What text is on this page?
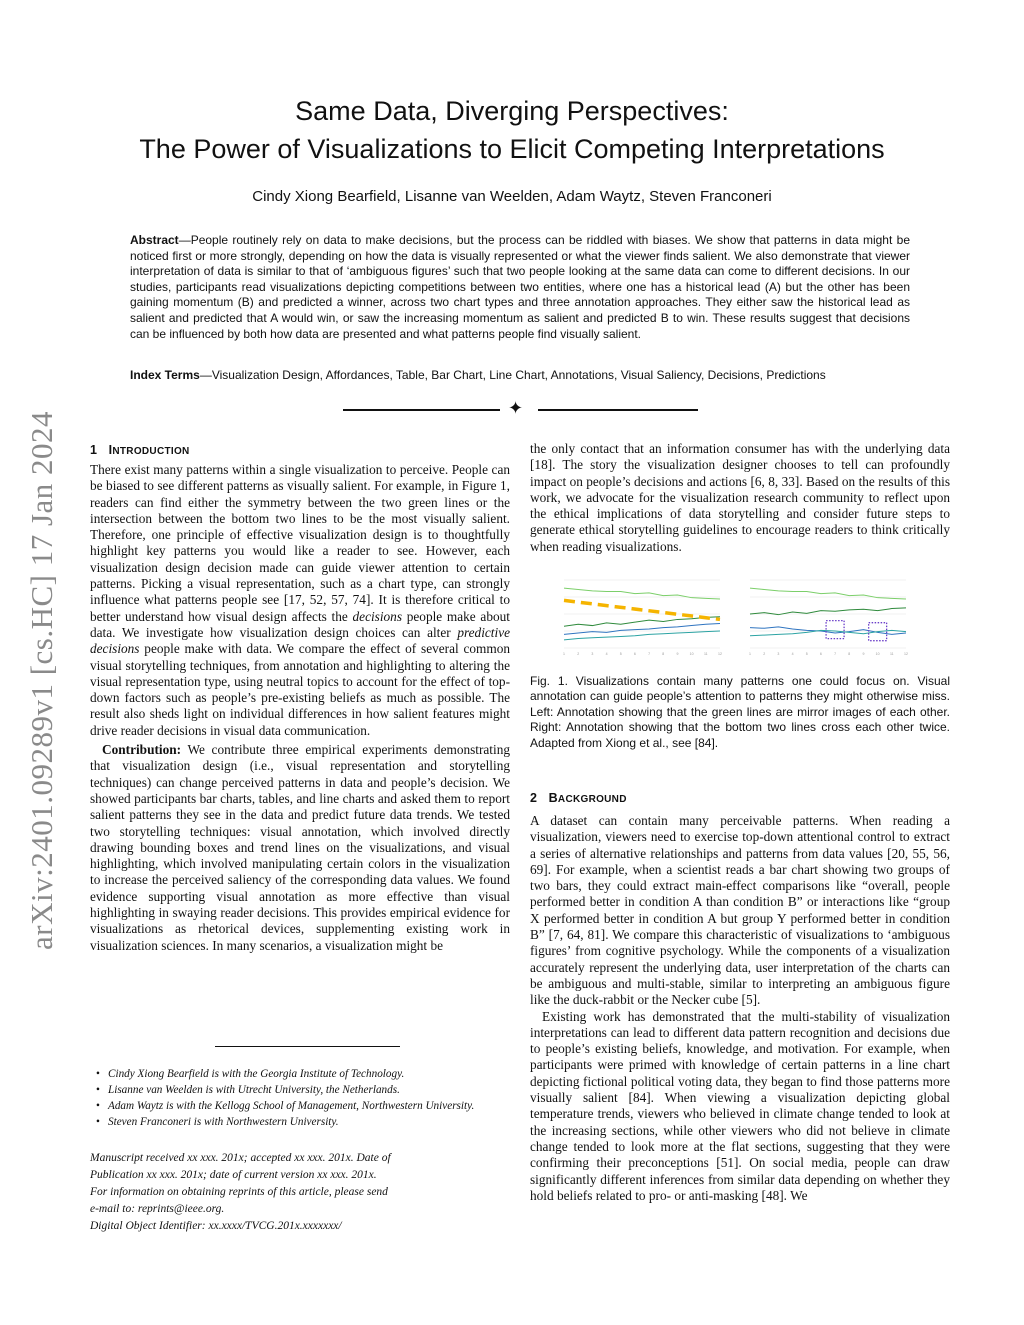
arXiv:2401.09289v1 [cs.HC] 17 Jan 2024
Same Data, Diverging Perspectives:
The Power of Visualizations to Elicit Competing Interpretations
Cindy Xiong Bearfield, Lisanne van Weelden, Adam Waytz, Steven Franconeri
Abstract—People routinely rely on data to make decisions, but the process can be riddled with biases. We show that patterns in data might be noticed first or more strongly, depending on how the data is visually represented or what the viewer finds salient. We also demonstrate that viewer interpretation of data is similar to that of ‘ambiguous figures’ such that two people looking at the same data can come to different decisions. In our studies, participants read visualizations depicting competitions between two entities, where one has a historical lead (A) but the other has been gaining momentum (B) and predicted a winner, across two chart types and three annotation approaches. They either saw the historical lead as salient and predicted that A would win, or saw the increasing momentum as salient and predicted B to win. These results suggest that decisions can be influenced by both how data are presented and what patterns people find visually salient.
Index Terms—Visualization Design, Affordances, Table, Bar Chart, Line Chart, Annotations, Visual Saliency, Decisions, Predictions
✦
1 INTRODUCTION

There exist many patterns within a single visualization to perceive. People can be biased to see different patterns as visually salient. For example, in Figure 1, readers can find either the symmetry between the two green lines or the intersection between the bottom two lines to be the most visually salient. Therefore, one principle of effective visualization design is to thoughtfully highlight key patterns you would like a reader to see. However, each visualization design decision made can guide viewer attention to certain patterns. Picking a visual representation, such as a chart type, can strongly influence what patterns people see [17, 52, 57, 74]. It is therefore critical to better understand how visual design affects the decisions people make about data. We investigate how visualization design choices can alter predictive decisions people make with data. We compare the effect of several common visual storytelling techniques, from annotation and highlighting to altering the visual representation type, using neutral topics to account for the effect of top-down factors such as people’s pre-existing beliefs as much as possible. The result also sheds light on individual differences in how salient features might drive reader decisions in visual data communication.

Contribution: We contribute three empirical experiments demonstrating that visualization design (i.e., visual representation and storytelling techniques) can change perceived patterns in data and people’s decision. We showed participants bar charts, tables, and line charts and asked them to report salient patterns they see in the data and predict future data trends. We tested two storytelling techniques: visual annotation, which involved directly drawing bounding boxes and trend lines on the visualizations, and visual highlighting, which involved manipulating certain colors in the visualization to increase the perceived saliency of the corresponding data values. We found evidence supporting visual annotation as more effective than visual highlighting in swaying reader decisions. This provides empirical evidence for visualizations as rhetorical devices, supplementing existing work in visualization sciences. In many scenarios, a visualization might be

• Cindy Xiong Bearfield is with the Georgia Institute of Technology.
• Lisanne van Weelden is with Utrecht University, the Netherlands.
• Adam Waytz is with the Kellogg School of Management, Northwestern University.
• Steven Franconeri is with Northwestern University.
Manuscript received xx xxx. 201x; accepted xx xxx. 201x. Date of
Publication xx xxx. 201x; date of current version xx xxx. 201x.
For information on obtaining reprints of this article, please send
e-mail to: reprints@ieee.org.
Digital Object Identifier: xx.xxxx/TVCG.201x.xxxxxxx/

the only contact that an information consumer has with the underlying data [18]. The story the visualization designer chooses to tell can profoundly impact on people’s decisions and actions [6, 8, 33]. Based on the results of this work, we advocate for the visualization research community to reflect upon the ethical implications of data storytelling and consider future steps to generate ethical storytelling guidelines to encourage readers to think critically when reading visualizations.

1	2	3	4	5	6	7	8	9	10	11	12	1	2	3	4	5	6	7	8	9	10	11	12
Fig. 1. Visualizations contain many patterns one could focus on. Visual annotation can guide people’s attention to patterns they might otherwise miss. Left: Annotation showing that the green lines are mirror images of each other. Right: Annotation showing that the bottom two lines cross each other twice. Adapted from Xiong et al., see [84].
2 BACKGROUND

A dataset can contain many perceivable patterns. When reading a visualization, viewers need to exercise top-down attentional control to extract a series of alternative relationships and patterns from data values [20, 55, 56, 69]. For example, when a scientist reads a bar chart showing two groups of two bars, they could extract main-effect comparisons like “overall, people performed better in condition A than condition B” or interactions like “group X performed better in condition A but group Y performed better in condition B” [7, 64, 81]. We compare this characteristic of visualizations to ‘ambiguous figures’ from cognitive psychology. While the components of a visualization accurately represent the underlying data, user interpretation of the charts can be ambiguous and multi-stable, similar to interpreting an ambiguous figure like the duck-rabbit or the Necker cube [5].

Existing work has demonstrated that the multi-stability of visualization interpretations can lead to different data pattern recognition and decisions due to people’s existing beliefs, knowledge, and motivation. For example, when participants were primed with knowledge of certain patterns in a line chart depicting fictional political voting data, they began to find those patterns more visually salient [84]. When viewing a visualization depicting global temperature trends, viewers who believed in climate change tended to look at the increasing sections, while other viewers who did not believe in climate change tended to look more at the flat sections, suggesting that they were confirming their preconceptions [51]. On social media, people can draw significantly different inferences from similar data depending on whether they hold beliefs related to pro- or anti-masking [48]. We
